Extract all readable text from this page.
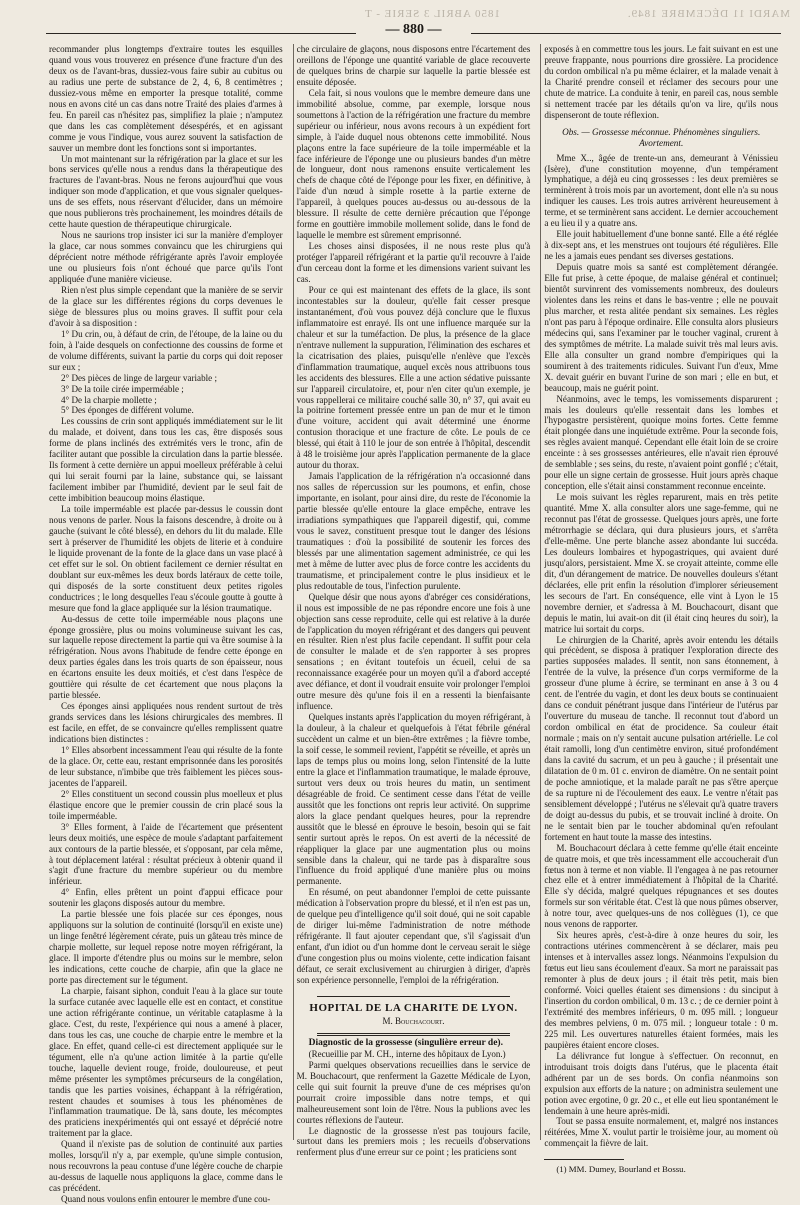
1850 ABRIL 3 SERIE - T	MARDI 11 DÉCEMBRE 1849.
— 880 —

recommander plus longtemps d'extraire toutes les esquilles quand vous vous trouverez en présence d'une fracture d'un des deux os de l'avant-bras, dussiez-vous faire subir au cubitus ou au radius une perte de substance de 2, 4, 6, 8 centimètres ; dussiez-vous même en emporter la presque totalité, comme nous en avons cité un cas dans notre Traité des plaies d'armes à feu. En pareil cas n'hésitez pas, simplifiez la plaie ; n'amputez que dans les cas complètement désespérés, et en agissant comme je vous l'indique, vous aurez souvent la satisfaction de sauver un membre dont les fonctions sont si importantes.

Un mot maintenant sur la réfrigération par la glace et sur les bons services qu'elle nous a rendus dans la thérapeutique des fractures de l'avant-bras. Nous ne ferons aujourd'hui que vous indiquer son mode d'application, et que vous signaler quelques-uns de ses effets, nous réservant d'élucider, dans un mémoire que nous publierons très prochainement, les moindres détails de cette haute question de thérapeutique chirurgicale.

Nous ne saurions trop insister ici sur la manière d'employer la glace, car nous sommes convaincu que les chirurgiens qui déprécient notre méthode réfrigérante après l'avoir employée une ou plusieurs fois n'ont échoué que parce qu'ils l'ont appliquée d'une manière vicieuse.

Rien n'est plus simple cependant que la manière de se servir de la glace sur les différentes régions du corps devenues le siège de blessures plus ou moins graves. Il suffit pour cela d'avoir à sa disposition :

1° Du crin, ou, à défaut de crin, de l'étoupe, de la laine ou du foin, à l'aide desquels on confectionne des coussins de forme et de volume différents, suivant la partie du corps qui doit reposer sur eux ;

2° Des pièces de linge de largeur variable ;

3° De la toile cirée imperméable ;

4° De la charpie mollette ;

5° Des éponges de différent volume.

Les coussins de crin sont appliqués immédiatement sur le lit du malade, et doivent, dans tous les cas, être disposés sous forme de plans inclinés des extrémités vers le tronc, afin de faciliter autant que possible la circulation dans la partie blessée. Ils forment à cette dernière un appui moelleux préférable à celui qui lui serait fourni par la laine, substance qui, se laissant facilement imbiber par l'humidité, devient par le seul fait de cette imbibition beaucoup moins élastique.

La toile imperméable est placée par-dessus le coussin dont nous venons de parler. Nous la faisons descendre, à droite ou à gauche (suivant le côté blessé), en dehors du lit du malade. Elle sert à préserver de l'humidité les objets de literie et à conduire le liquide provenant de la fonte de la glace dans un vase placé à cet effet sur le sol. On obtient facilement ce dernier résultat en doublant sur eux-mêmes les deux bords latéraux de cette toile, qui disposés de la sorte constituent deux petites rigoles conductrices ; le long desquelles l'eau s'écoule goutte à goutte à mesure que fond la glace appliquée sur la lésion traumatique.

Au-dessus de cette toile imperméable nous plaçons une éponge grossière, plus ou moins volumineuse suivant les cas, sur laquelle repose directement la partie qui va être soumise à la réfrigération. Nous avons l'habitude de fendre cette éponge en deux parties égales dans les trois quarts de son épaisseur, nous en écartons ensuite les deux moitiés, et c'est dans l'espèce de gouttière qui résulte de cet écartement que nous plaçons la partie blessée.

Ces éponges ainsi appliquées nous rendent surtout de très grands services dans les lésions chirurgicales des membres. Il est facile, en effet, de se convaincre qu'elles remplissent quatre indications bien distinctes :

1° Elles absorbent incessamment l'eau qui résulte de la fonte de la glace. Or, cette eau, restant emprisonnée dans les porosités de leur substance, n'imbibe que très faiblement les pièces sous-jacentes de l'appareil.

2° Elles constituent un second coussin plus moelleux et plus élastique encore que le premier coussin de crin placé sous la toile imperméable.

3° Elles forment, à l'aide de l'écartement que présentent leurs deux moitiés, une espèce de moule s'adaptant parfaitement aux contours de la partie blessée, et s'opposant, par cela même, à tout déplacement latéral : résultat précieux à obtenir quand il s'agit d'une fracture du membre supérieur ou du membre inférieur.

4° Enfin, elles prêtent un point d'appui efficace pour soutenir les glaçons disposés autour du membre.

La partie blessée une fois placée sur ces éponges, nous appliquons sur la solution de continuité (lorsqu'il en existe une) un linge fenêtré légèrement cérate, puis un gâteau très mince de charpie mollette, sur lequel repose notre moyen réfrigérant, la glace. Il importe d'étendre plus ou moins sur le membre, selon les indications, cette couche de charpie, afin que la glace ne porte pas directement sur le tégument.

La charpie, faisant siphon, conduit l'eau à la glace sur toute la surface cutanée avec laquelle elle est en contact, et constitue une action réfrigérante continue, un véritable cataplasme à la glace. C'est, du reste, l'expérience qui nous a amené à placer, dans tous les cas, une couche de charpie entre le membre et la glace. En effet, quand celle-ci est directement appliquée sur le tégument, elle n'a qu'une action limitée à la partie qu'elle touche, laquelle devient rouge, froide, douloureuse, et peut même présenter les symptômes précurseurs de la congélation, tandis que les parties voisines, échappant à la réfrigération, restent chaudes et soumises à tous les phénomènes de l'inflammation traumatique. De là, sans doute, les mécomptes des praticiens inexpérimentés qui ont essayé et déprécié notre traitement par la glace.

Quand il n'existe pas de solution de continuité aux parties molles, lorsqu'il n'y a, par exemple, qu'une simple contusion, nous recouvrons la peau contuse d'une légère couche de charpie au-dessus de laquelle nous appliquons la glace, comme dans le cas précédent.

Quand nous voulons enfin entourer le membre d'une cou-

che circulaire de glaçons, nous disposons entre l'écartement des oreillons de l'éponge une quantité variable de glace recouverte de quelques brins de charpie sur laquelle la partie blessée est ensuite déposée.

Cela fait, si nous voulons que le membre demeure dans une immobilité absolue, comme, par exemple, lorsque nous soumettons à l'action de la réfrigération une fracture du membre supérieur ou inférieur, nous avons recours à un expédient fort simple, à l'aide duquel nous obtenons cette immobilité. Nous plaçons entre la face supérieure de la toile imperméable et la face inférieure de l'éponge une ou plusieurs bandes d'un mètre de longueur, dont nous ramenons ensuite verticalement les chefs de chaque côté de l'éponge pour les fixer, en définitive, à l'aide d'un nœud à simple rosette à la partie externe de l'appareil, à quelques pouces au-dessus ou au-dessous de la blessure. Il résulte de cette dernière précaution que l'éponge forme en gouttière immobile mollement solide, dans le fond de laquelle le membre est sûrement emprisonné.

Les choses ainsi disposées, il ne nous reste plus qu'à protéger l'appareil réfrigérant et la partie qu'il recouvre à l'aide d'un cerceau dont la forme et les dimensions varient suivant les cas.

Pour ce qui est maintenant des effets de la glace, ils sont incontestables sur la douleur, qu'elle fait cesser presque instantanément, d'où vous pouvez déjà conclure que le fluxus inflammatoire est enrayé. Ils ont une influence marquée sur la chaleur et sur la tuméfaction. De plus, la présence de la glace n'entrave nullement la suppuration, l'élimination des eschares et la cicatrisation des plaies, puisqu'elle n'enlève que l'excès d'inflammation traumatique, auquel excès nous attribuons tous les accidents des blessures. Elle a une action sédative puissante sur l'appareil circulatoire, et, pour n'en citer qu'un exemple, je vous rappellerai ce militaire couché salle 30, n° 37, qui avait eu la poitrine fortement pressée entre un pan de mur et le timon d'une voiture, accident qui avait déterminé une énorme contusion thoracique et une fracture de côte. Le pouls de ce blessé, qui était à 110 le jour de son entrée à l'hôpital, descendit à 48 le troisième jour après l'application permanente de la glace autour du thorax.

Jamais l'application de la réfrigération n'a occasionné dans nos salles de répercussion sur les poumons, et enfin, chose importante, en isolant, pour ainsi dire, du reste de l'économie la partie blessée qu'elle entoure la glace empêche, entrave les irradiations sympathiques que l'appareil digestif, qui, comme vous le savez, constituent presque tout le danger des lésions traumatiques : d'où la possibilité de soutenir les forces des blessés par une alimentation sagement administrée, ce qui les met à même de lutter avec plus de force contre les accidents du traumatisme, et principalement contre le plus insidieux et le plus redoutable de tous, l'infection purulente.

Quelque désir que nous ayons d'abréger ces considérations, il nous est impossible de ne pas répondre encore une fois à une objection sans cesse reproduite, celle qui est relative à la durée de l'application du moyen réfrigérant et des dangers qui peuvent en résulter. Rien n'est plus facile cependant. Il suffit pour cela de consulter le malade et de s'en rapporter à ses propres sensations ; en évitant toutefois un écueil, celui de sa reconnaissance exagérée pour un moyen qu'il a d'abord accepté avec défiance, et dont il voudrait ensuite voir prolonger l'emploi outre mesure dès qu'une fois il en a ressenti la bienfaisante influence.

Quelques instants après l'application du moyen réfrigérant, à la douleur, à la chaleur et quelquefois à l'état fébrile général succèdent un calme et un bien-être extrêmes ; la fièvre tombe, la soif cesse, le sommeil revient, l'appétit se réveille, et après un laps de temps plus ou moins long, selon l'intensité de la lutte entre la glace et l'inflammation traumatique, le malade éprouve, surtout vers deux ou trois heures du matin, un sentiment désagréable de froid. Ce sentiment cesse dans l'état de veille aussitôt que les fonctions ont repris leur activité. On supprime alors la glace pendant quelques heures, pour la reprendre aussitôt que le blessé en éprouve le besoin, besoin qui se fait sentir surtout après le repos. On est averti de la nécessité de réappliquer la glace par une augmentation plus ou moins sensible dans la chaleur, qui ne tarde pas à disparaître sous l'influence du froid appliqué d'une manière plus ou moins permanente.

En résumé, on peut abandonner l'emploi de cette puissante médication à l'observation propre du blessé, et il n'en est pas un, de quelque peu d'intelligence qu'il soit doué, qui ne soit capable de diriger lui-même l'administration de notre méthode réfrigérante. Il faut ajouter cependant que, s'il s'agissait d'un enfant, d'un idiot ou d'un homme dont le cerveau serait le siège d'une congestion plus ou moins violente, cette indication faisant défaut, ce serait exclusivement au chirurgien à diriger, d'après son expérience personnelle, l'emploi de la réfrigération.

HOPITAL DE LA CHARITE DE LYON.
M. Bouchacourt.

Diagnostic de la grossesse (singulière erreur de).

(Recueillie par M. CH., interne des hôpitaux de Lyon.)

Parmi quelques observations recueillies dans le service de M. Bouchacourt, que renferment la Gazette Médicale de Lyon, celle qui suit fournit la preuve d'une de ces méprises qu'on pourrait croire impossible dans notre temps, et qui malheureusement sont loin de l'être. Nous la publions avec les courtes réflexions de l'auteur.

Le diagnostic de la grossesse n'est pas toujours facile, surtout dans les premiers mois ; les recueils d'observations renferment plus d'une erreur sur ce point ; les praticiens sont

exposés à en commettre tous les jours. Le fait suivant en est une preuve frappante, nous pourrions dire grossière. La procidence du cordon ombilical n'a pu même éclairer, et la malade venait à la Charité prendre conseil et réclamer des secours pour une chute de matrice. La conduite à tenir, en pareil cas, nous semble si nettement tracée par les détails qu'on va lire, qu'ils nous dispenseront de toute réflexion.

Obs. — Grossesse méconnue. Phénomènes singuliers. Avortement.

Mme X.., âgée de trente-un ans, demeurant à Vénissieu (Isère), d'une constitution moyenne, d'un tempérament lymphatique, a déjà eu cinq grossesses : les deux premières se terminèrent à trois mois par un avortement, dont elle n'a su nous indiquer les causes. Les trois autres arrivèrent heureusement à terme, et se terminèrent sans accident. Le dernier accouchement a eu lieu il y a quatre ans.

Elle jouit habituellement d'une bonne santé. Elle a été réglée à dix-sept ans, et les menstrues ont toujours été régulières. Elle ne les a jamais eues pendant ses diverses gestations.

Depuis quatre mois sa santé est complètement dérangée. Elle fut prise, à cette époque, de malaise général et continuel; bientôt survinrent des vomissements nombreux, des douleurs violentes dans les reins et dans le bas-ventre ; elle ne pouvait plus marcher, et resta alitée pendant six semaines. Les règles n'ont pas paru à l'époque ordinaire. Elle consulta alors plusieurs médecins qui, sans l'examiner par le toucher vaginal, crurent à des symptômes de métrite. La malade suivit très mal leurs avis. Elle alla consulter un grand nombre d'empiriques qui la soumirent à des traitements ridicules. Suivant l'un d'eux, Mme X. devait guérir en buvant l'urine de son mari ; elle en but, et beaucoup, mais ne guérit point.

Néanmoins, avec le temps, les vomissements disparurent ; mais les douleurs qu'elle ressentait dans les lombes et l'hypogastre persistèrent, quoique moins fortes. Cette femme était plongée dans une inquiétude extrême. Pour la seconde fois, ses règles avaient manqué. Cependant elle était loin de se croire enceinte : à ses grossesses antérieures, elle n'avait rien éprouvé de semblable ; ses seins, du reste, n'avaient point gonflé ; c'était, pour elle un signe certain de grossesse. Huit jours après chaque conception, elle s'était ainsi constamment reconnue enceinte.

Le mois suivant les règles reparurent, mais en très petite quantité. Mme X. alla consulter alors une sage-femme, qui ne reconnut pas l'état de grossesse. Quelques jours après, une forte métrorrhagie se déclara, qui dura plusieurs jours, et s'arrêta d'elle-même. Une perte blanche assez abondante lui succéda. Les douleurs lombaires et hypogastriques, qui avaient duré jusqu'alors, persistaient. Mme X. se croyait atteinte, comme elle dit, d'un dérangement de matrice. De nouvelles douleurs s'étant déclarées, elle prit enfin la résolution d'implorer sérieusement les secours de l'art. En conséquence, elle vint à Lyon le 15 novembre dernier, et s'adressa à M. Bouchacourt, disant que depuis le matin, lui avait-on dit (il était cinq heures du soir), la matrice lui sortait du corps.

Le chirurgien de la Charité, après avoir entendu les détails qui précèdent, se disposa à pratiquer l'exploration directe des parties supposées malades. Il sentit, non sans étonnement, à l'entrée de la vulve, la présence d'un corps vermiforme de la grosseur d'une plume à écrire, se terminant en anse à 3 ou 4 cent. de l'entrée du vagin, et dont les deux bouts se continuaient dans ce conduit pénétrant jusque dans l'intérieur de l'utérus par l'ouverture du museau de tanche. Il reconnut tout d'abord un cordon ombilical en état de procidence. Sa couleur était normale ; mais on n'y sentait aucune pulsation artérielle. Le col était ramolli, long d'un centimètre environ, situé profondément dans la cavité du sacrum, et un peu à gauche ; il présentait une dilatation de 0 m. 01 c. environ de diamètre. On ne sentait point de poche amniotique, et la malade paraît ne pas s'être aperçue de sa rupture ni de l'écoulement des eaux. Le ventre n'était pas sensiblement développé ; l'utérus ne s'élevait qu'à quatre travers de doigt au-dessus du pubis, et se trouvait incliné à droite. On ne le sentait bien par le toucher abdominal qu'en refoulant fortement en haut toute la masse des intestins.

M. Bouchacourt déclara à cette femme qu'elle était enceinte de quatre mois, et que très incessamment elle accoucherait d'un fœtus non à terme et non viable. Il l'engagea à ne pas retourner chez elle et à entrer immédiatement à l'hôpital de la Charité. Elle s'y décida, malgré quelques répugnances et ses doutes formels sur son véritable état. C'est là que nous pûmes observer, à notre tour, avec quelques-uns de nos collègues (1), ce que nous venons de rapporter.

Six heures après, c'est-à-dire à onze heures du soir, les contractions utérines commencèrent à se déclarer, mais peu intenses et à intervalles assez longs. Néanmoins l'expulsion du fœtus eut lieu sans écoulement d'eaux. Sa mort ne paraissait pas remonter à plus de deux jours ; il était très petit, mais bien conformé. Voici quelles étaient ses dimensions : du sinciput à l'insertion du cordon ombilical, 0 m. 13 c. ; de ce dernier point à l'extrémité des membres inférieurs, 0 m. 095 mill. ; longueur des membres pelviens, 0 m. 075 mil. ; longueur totale : 0 m. 225 mil. Les ouvertures naturelles étaient formées, mais les paupières étaient encore closes.

La délivrance fut longue à s'effectuer. On reconnut, en introduisant trois doigts dans l'utérus, que le placenta était adhérent par un de ses bords. On confia néanmoins son expulsion aux efforts de la nature ; on administra seulement une potion avec ergotine, 0 gr. 20 c., et elle eut lieu spontanément le lendemain à une heure après-midi.

Tout se passa ensuite normalement, et, malgré nos instances réitérées, Mme X. voulut partir le troisième jour, au moment où commençait la fièvre de lait.

(1) MM. Dumey, Bourland et Bossu.
